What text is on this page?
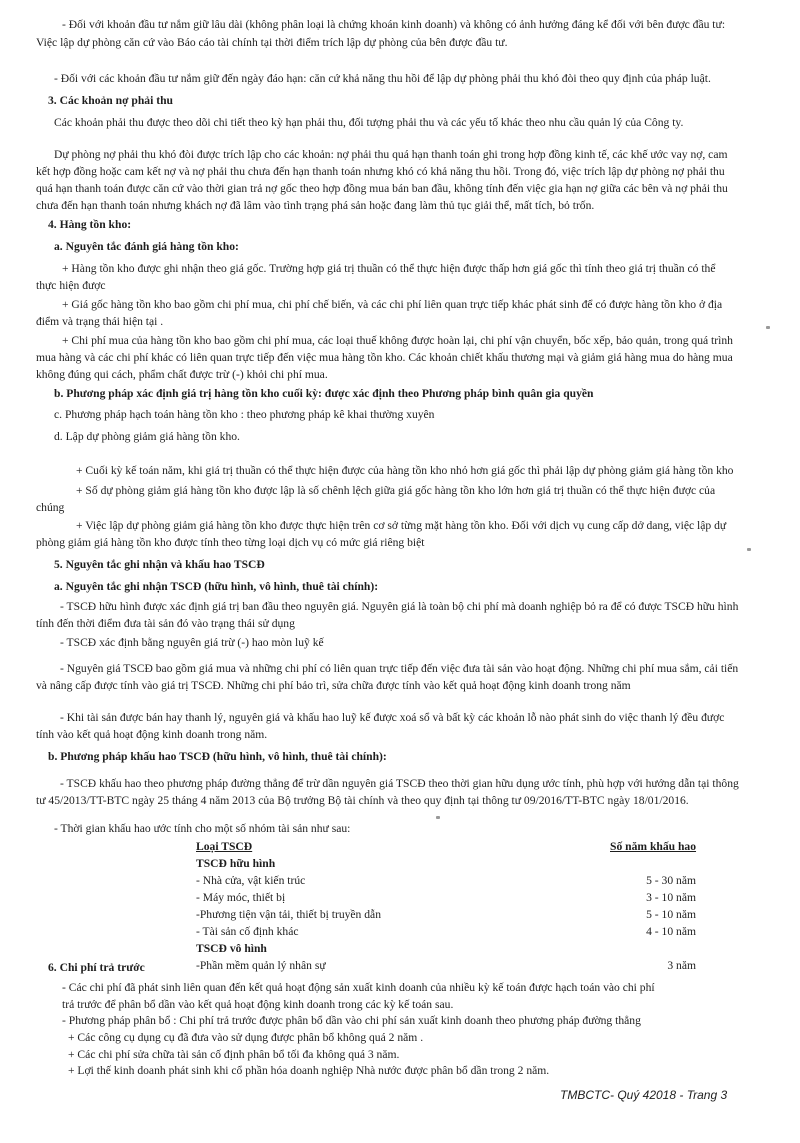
- Đối với khoản đầu tư nắm giữ lâu dài (không phân loại là chứng khoán kinh doanh) và không có ảnh hưởng đáng kể đối với bên được đầu tư:
Việc lập dự phòng căn cứ vào Báo cáo tài chính tại thời điểm trích lập dự phòng của bên được đầu tư.
- Đối với các khoản đầu tư nắm giữ đến ngày đáo hạn: căn cứ khả năng thu hồi để lập dự phòng phải thu khó đòi theo quy định của pháp luật.
3. Các khoản nợ phải thu
Các khoản phải thu được theo dõi chi tiết theo kỳ hạn phải thu, đối tượng phải thu và các yếu tố khác theo nhu cầu quản lý của Công ty.
Dự phòng nợ phải thu khó đòi được trích lập cho các khoản: nợ phải thu quá hạn thanh toán ghi trong hợp đồng kinh tế, các khế ước vay nợ, cam
kết hợp đồng hoặc cam kết nợ và nợ phải thu chưa đến hạn thanh toán nhưng khó có khả năng thu hồi. Trong đó, việc trích lập dự phòng nợ phải thu
quá hạn thanh toán được căn cứ vào thời gian trả nợ gốc theo hợp đồng mua bán ban đầu, không tính đến việc gia hạn nợ giữa các bên và nợ phải thu
chưa đến hạn thanh toán nhưng khách nợ đã lâm vào tình trạng phá sản hoặc đang làm thủ tục giải thể, mất tích, bỏ trốn.
4. Hàng tồn kho:
a. Nguyên tắc đánh giá hàng tồn kho:
+ Hàng tồn kho được ghi nhận theo giá gốc. Trường hợp giá trị thuần có thể thực hiện được thấp hơn giá gốc thì tính theo giá trị thuần có thể
thực hiện được
+ Giá gốc hàng tồn kho bao gồm chi phí mua, chi phí chế biến, và các chi phí liên quan trực tiếp khác phát sinh để có được hàng tồn kho ở địa
điểm và trạng thái hiện tại .
+ Chi phí mua của hàng tồn kho bao gồm chi phí mua, các loại thuế không được hoàn lại, chi phí vận chuyển, bốc xếp, bảo quản, trong quá trình
mua hàng và các chi phí khác có liên quan trực tiếp đến việc mua hàng tồn kho. Các khoản chiết khấu thương mại và giảm giá hàng mua do hàng mua
không đúng qui cách, phẩm chất được trừ (-) khỏi chi phí mua.
b. Phương pháp xác định giá trị hàng tồn kho cuối kỳ: được xác định theo Phương pháp bình quân gia quyền
c. Phương pháp hạch toán hàng tồn kho : theo phương pháp kê khai thường xuyên
d. Lập dự phòng giảm giá hàng tồn kho.
+ Cuối kỳ kế toán năm, khi giá trị thuần có thể thực hiện được của hàng tồn kho nhỏ hơn giá gốc thì phải lập dự phòng giảm giá hàng tồn kho
+ Số dự phòng giảm giá hàng tồn kho được lập là số chênh lệch giữa giá gốc hàng tồn kho lớn hơn giá trị thuần có thể thực hiện được của
chúng
+ Việc lập dự phòng giảm giá hàng tồn kho được thực hiện trên cơ sở từng mặt hàng tồn kho. Đối với dịch vụ cung cấp dở dang, việc lập dự
phòng giảm giá hàng tồn kho được tính theo từng loại dịch vụ có mức giá riêng biệt
5. Nguyên tắc ghi nhận và khấu hao TSCĐ
a. Nguyên tắc ghi nhận TSCĐ (hữu hình, vô hình, thuê tài chính):
- TSCĐ hữu hình được xác định giá trị ban đầu theo nguyên giá. Nguyên giá là toàn bộ chi phí mà doanh nghiệp bỏ ra để có được TSCĐ hữu hình
tính đến thời điểm đưa tài sản đó vào trạng thái sử dụng
- TSCĐ xác định bằng nguyên giá trừ (-) hao mòn luỹ kế
- Nguyên giá TSCĐ bao gồm giá mua và những chi phí có liên quan trực tiếp đến việc đưa tài sản vào hoạt động. Những chi phí mua sắm, cải tiến
và nâng cấp được tính vào giá trị TSCĐ. Những chi phí bảo trì, sửa chữa được tính vào kết quả hoạt động kinh doanh trong năm
- Khi tài sản được bán hay thanh lý, nguyên giá và khấu hao luỹ kế được xoá sổ và bất kỳ các khoản lỗ nào phát sinh do việc thanh lý đều được
tính vào kết quả hoạt động kinh doanh trong năm.
b. Phương pháp khấu hao TSCĐ (hữu hình, vô hình, thuê tài chính):
- TSCĐ khấu hao theo phương pháp đường thẳng để trừ dần nguyên giá TSCĐ theo thời gian hữu dụng ước tính, phù hợp với hướng dẫn tại thông
tư 45/2013/TT-BTC ngày 25 tháng 4 năm 2013 của Bộ trưởng Bộ tài chính và theo quy định tại thông tư 09/2016/TT-BTC ngày 18/01/2016.
- Thời gian khấu hao ước tính cho một số nhóm tài sản như sau:
Loại TSCĐ	Số năm khấu hao
TSCĐ hữu hình
- Nhà cửa, vật kiến trúc	5 - 30 năm
- Máy móc, thiết bị	3 - 10 năm
-Phương tiện vận tải, thiết bị truyền dẫn	5 - 10 năm
- Tài sản cố định khác	4 - 10 năm
TSCĐ vô hình
-Phần mềm quản lý nhân sự	3 năm
6. Chi phí trả trước
- Các chi phí đã phát sinh liên quan đến kết quả hoạt động sản xuất kinh doanh của nhiều kỳ kế toán được hạch toán vào chi phí
trả trước để phân bổ dần vào kết quả hoạt động kinh doanh trong các kỳ kế toán sau.
- Phương pháp phân bổ : Chi phí trả trước được phân bổ dần vào chi phí sản xuất kinh doanh theo phương pháp đường thẳng
+ Các công cụ dụng cụ đã đưa vào sử dụng được phân bổ không quá 2 năm .
+ Các chi phí sửa chữa tài sản cố định phân bổ tối đa không quá 3 năm.
+ Lợi thế kinh doanh phát sinh khi cổ phần hóa doanh nghiệp Nhà nước được phân bổ dần trong 2 năm.
TMBCTC- Quý 42018 - Trang 3
